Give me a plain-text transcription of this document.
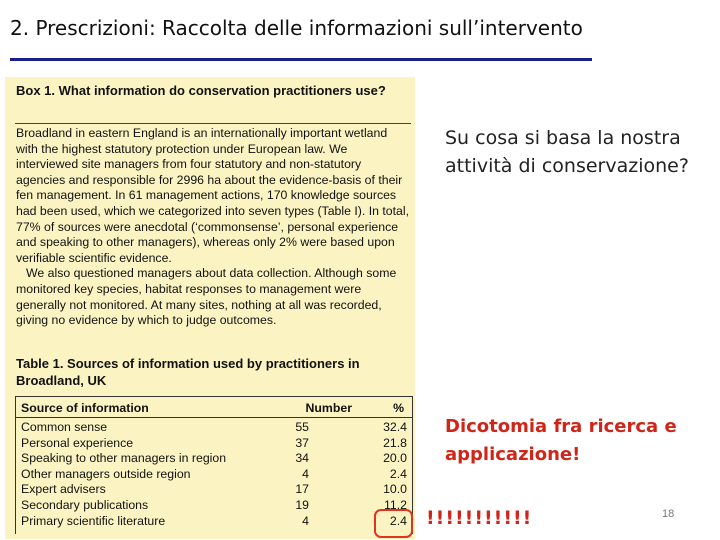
2. Prescrizioni: Raccolta delle informazioni sull’intervento
Box 1. What information do conservation practitioners use?

Broadland in eastern England is an internationally important wetland with the highest statutory protection under European law. We interviewed site managers from four statutory and non-statutory agencies and responsible for 2996 ha about the evidence-basis of their fen management. In 61 management actions, 170 knowledge sources had been used, which we categorized into seven types (Table I). In total, 77% of sources were anecdotal (‘commonsense’, personal experience and speaking to other managers), whereas only 2% were based upon verifiable scientific evidence.

We also questioned managers about data collection. Although some monitored key species, habitat responses to management were generally not monitored. At many sites, nothing at all was recorded, giving no evidence by which to judge outcomes.

Table 1. Sources of information used by practitioners in Broadland, UK
Source of information	Number	%
Common sense	55	32.4
Personal experience	37	21.8
Speaking to other managers in region	34	20.0
Other managers outside region	4	2.4
Expert advisers	17	10.0
Secondary publications	19	11.2
Primary scientific literature	4	2.4
Su cosa si basa la nostra attività di conservazione?
Dicotomia fra ricerca e applicazione!
!!!!!!!!!!!	18
